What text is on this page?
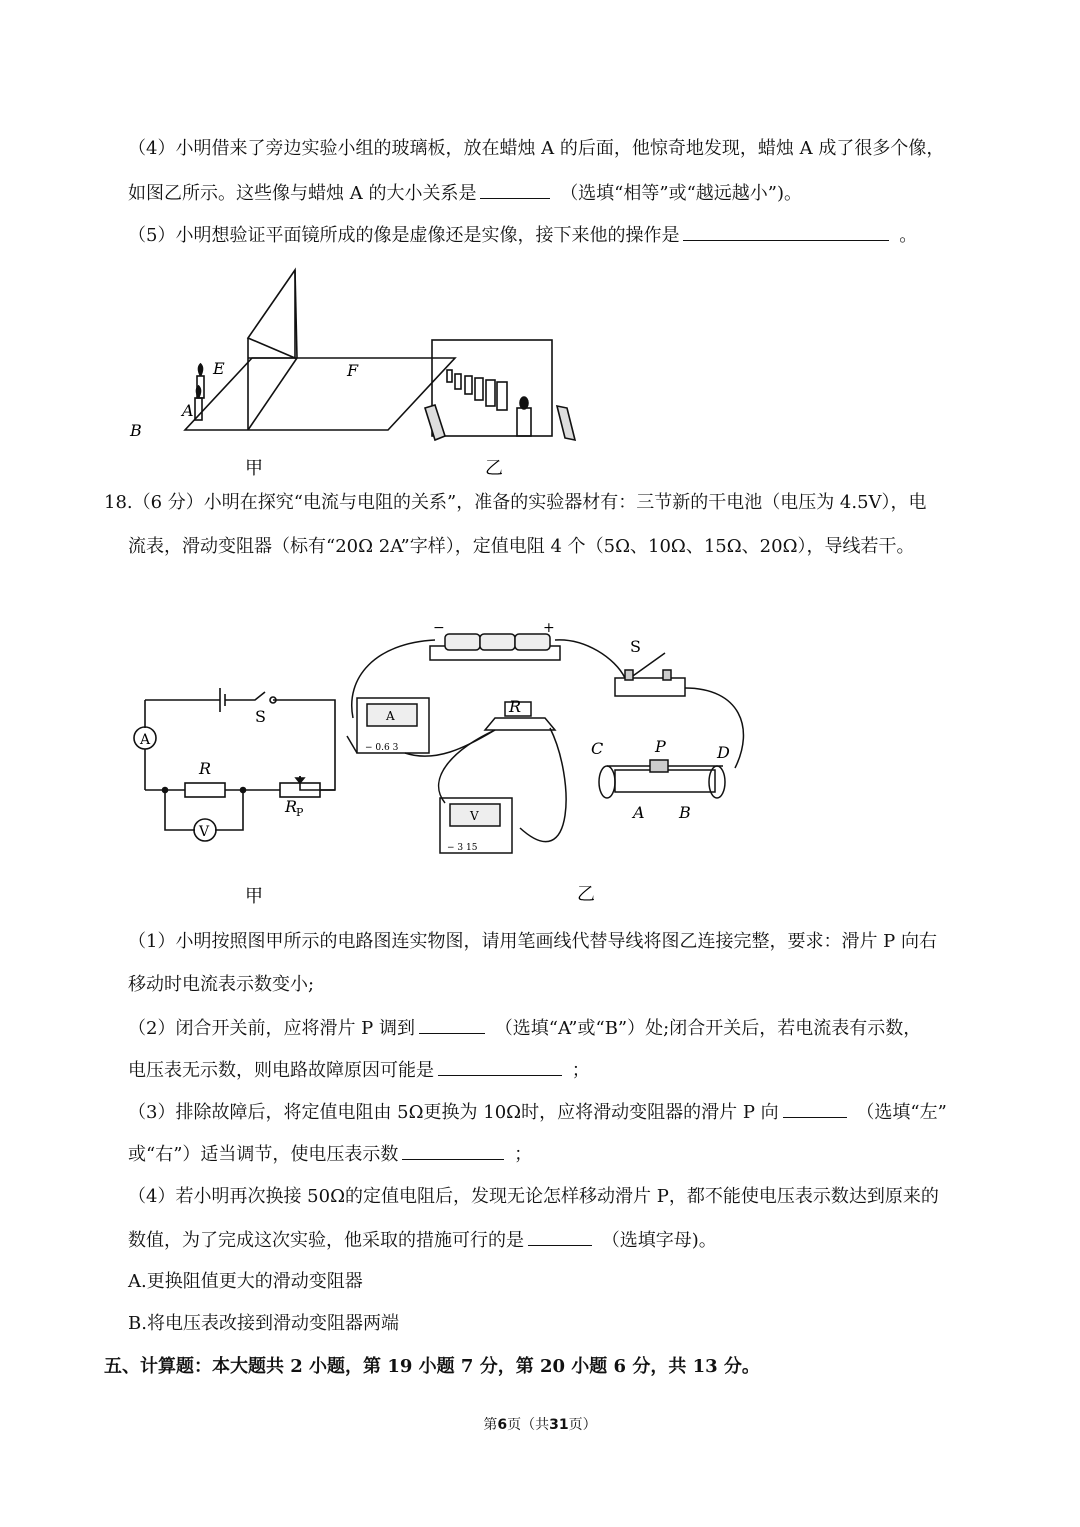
（4）小明借来了旁边实验小组的玻璃板，放在蜡烛 A 的后面，他惊奇地发现，蜡烛 A 成了很多个像，
如图乙所示。这些像与蜡烛 A 的大小关系是	（选填“相等”或“越远越小”)。
（5）小明想验证平面镜所成的像是虚像还是实像，接下来他的操作是	。
B
A
E	F
甲	乙
18.（6 分）小明在探究“电流与电阻的关系”，准备的实验器材有：三节新的干电池（电压为 4.5V），电
流表，滑动变阻器（标有“20Ω 2A”字样），定值电阻 4 个（5Ω、10Ω、15Ω、20Ω），导线若干。
A
V
S
R
R
P
甲
−	+
S
A
− 0.6 3
R
V
− 3 15
C	P	D
A B
乙
（1）小明按照图甲所示的电路图连实物图，请用笔画线代替导线将图乙连接完整，要求：滑片 P 向右
移动时电流表示数变小;
（2）闭合开关前，应将滑片 P 调到	（选填“A”或“B”）处;闭合开关后，若电流表有示数，
电压表无示数，则电路故障原因可能是	；
（3）排除故障后，将定值电阻由 5Ω更换为 10Ω时，应将滑动变阻器的滑片 P 向	（选填“左”
或“右”）适当调节，使电压表示数	；
（4）若小明再次换接 50Ω的定值电阻后，发现无论怎样移动滑片 P，都不能使电压表示数达到原来的
数值，为了完成这次实验，他采取的措施可行的是	（选填字母)。
A.更换阻值更大的滑动变阻器
B.将电压表改接到滑动变阻器两端
五、计算题：本大题共 2 小题，第 19 小题 7 分，第 20 小题 6 分，共 13 分。
第6页（共31页）
